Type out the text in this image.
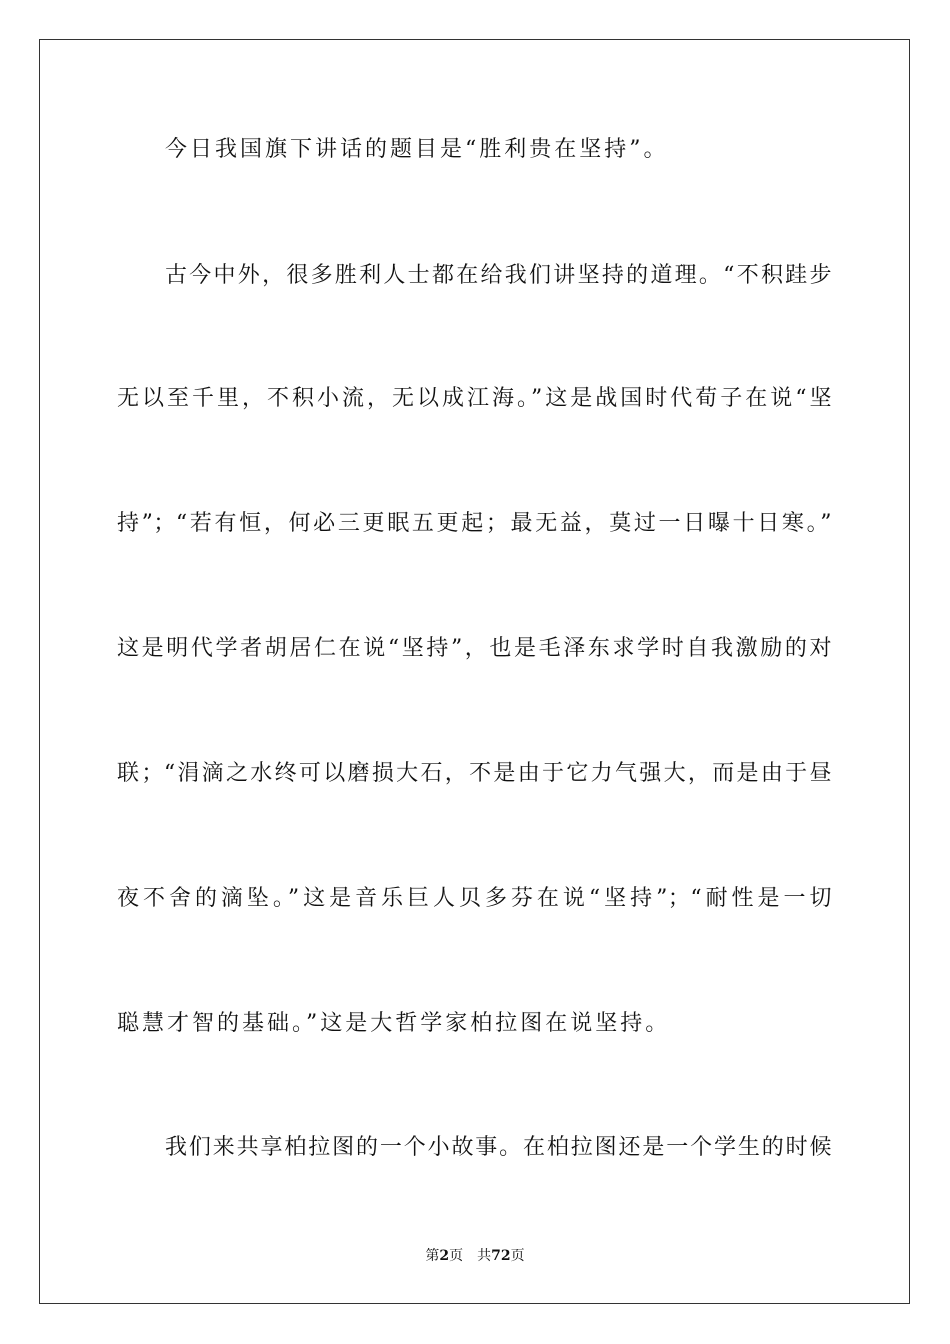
今日我国旗下讲话的题目是“胜利贵在坚持”。

古今中外，很多胜利人士都在给我们讲坚持的道理。“不积跬步

无以至千里，不积小流，无以成江海。”这是战国时代荀子在说“坚

持”；“若有恒，何必三更眠五更起；最无益，莫过一日曝十日寒。”

这是明代学者胡居仁在说“坚持”，也是毛泽东求学时自我激励的对

联；“涓滴之水终可以磨损大石，不是由于它力气强大，而是由于昼

夜不舍的滴坠。”这是音乐巨人贝多芬在说“坚持”；“耐性是一切

聪慧才智的基础。”这是大哲学家柏拉图在说坚持。

我们来共享柏拉图的一个小故事。在柏拉图还是一个学生的时候

第2页 共72页
